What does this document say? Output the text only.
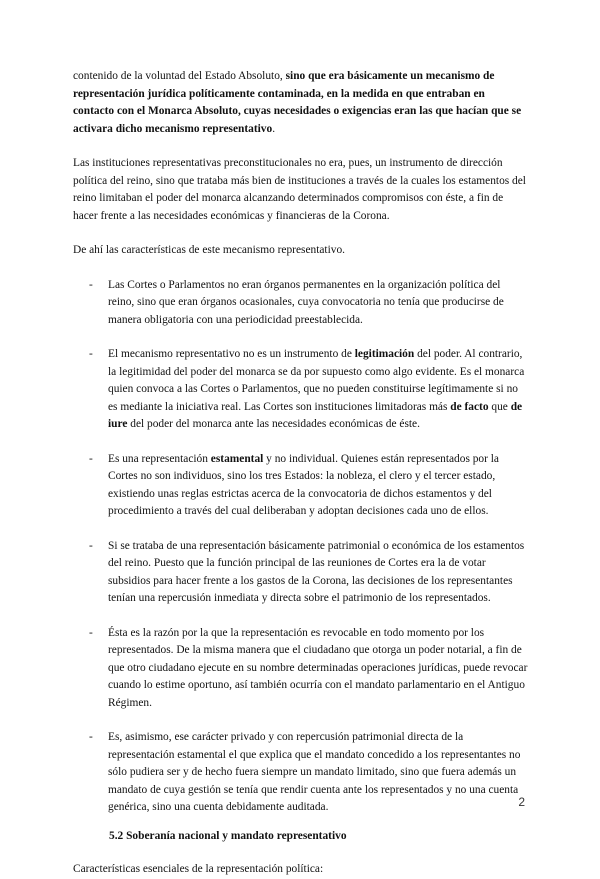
contenido de la voluntad del Estado Absoluto, sino que era básicamente un mecanismo de representación jurídica políticamente contaminada, en la medida en que entraban en contacto con el Monarca Absoluto, cuyas necesidades o exigencias eran las que hacían que se activara dicho mecanismo representativo.

Las instituciones representativas preconstitucionales no era, pues, un instrumento de dirección política del reino, sino que trataba más bien de instituciones a través de la cuales los estamentos del reino limitaban el poder del monarca alcanzando determinados compromisos con éste, a fin de hacer frente a las necesidades económicas y financieras de la Corona.

De ahí las características de este mecanismo representativo.

- Las Cortes o Parlamentos no eran órganos permanentes en la organización política del reino, sino que eran órganos ocasionales, cuya convocatoria no tenía que producirse de manera obligatoria con una periodicidad preestablecida.

- El mecanismo representativo no es un instrumento de legitimación del poder. Al contrario, la legitimidad del poder del monarca se da por supuesto como algo evidente. Es el monarca quien convoca a las Cortes o Parlamentos, que no pueden constituirse legítimamente si no es mediante la iniciativa real. Las Cortes son instituciones limitadoras más de facto que de iure del poder del monarca ante las necesidades económicas de éste.

- Es una representación estamental y no individual. Quienes están representados por la Cortes no son individuos, sino los tres Estados: la nobleza, el clero y el tercer estado, existiendo unas reglas estrictas acerca de la convocatoria de dichos estamentos y del procedimiento a través del cual deliberaban y adoptan decisiones cada uno de ellos.

- Si se trataba de una representación básicamente patrimonial o económica de los estamentos del reino. Puesto que la función principal de las reuniones de Cortes era la de votar subsidios para hacer frente a los gastos de la Corona, las decisiones de los representantes tenían una repercusión inmediata y directa sobre el patrimonio de los representados.

- Ésta es la razón por la que la representación es revocable en todo momento por los representados. De la misma manera que el ciudadano que otorga un poder notarial, a fin de que otro ciudadano ejecute en su nombre determinadas operaciones jurídicas, puede revocar cuando lo estime oportuno, así también ocurría con el mandato parlamentario en el Antiguo Régimen.

- Es, asimismo, ese carácter privado y con repercusión patrimonial directa de la representación estamental el que explica que el mandato concedido a los representantes no sólo pudiera ser y de hecho fuera siempre un mandato limitado, sino que fuera además un mandato de cuya gestión se tenía que rendir cuenta ante los representados y no una cuenta genérica, sino una cuenta debidamente auditada.

5.2 Soberanía nacional y mandato representativo

Características esenciales de la representación política:

2
